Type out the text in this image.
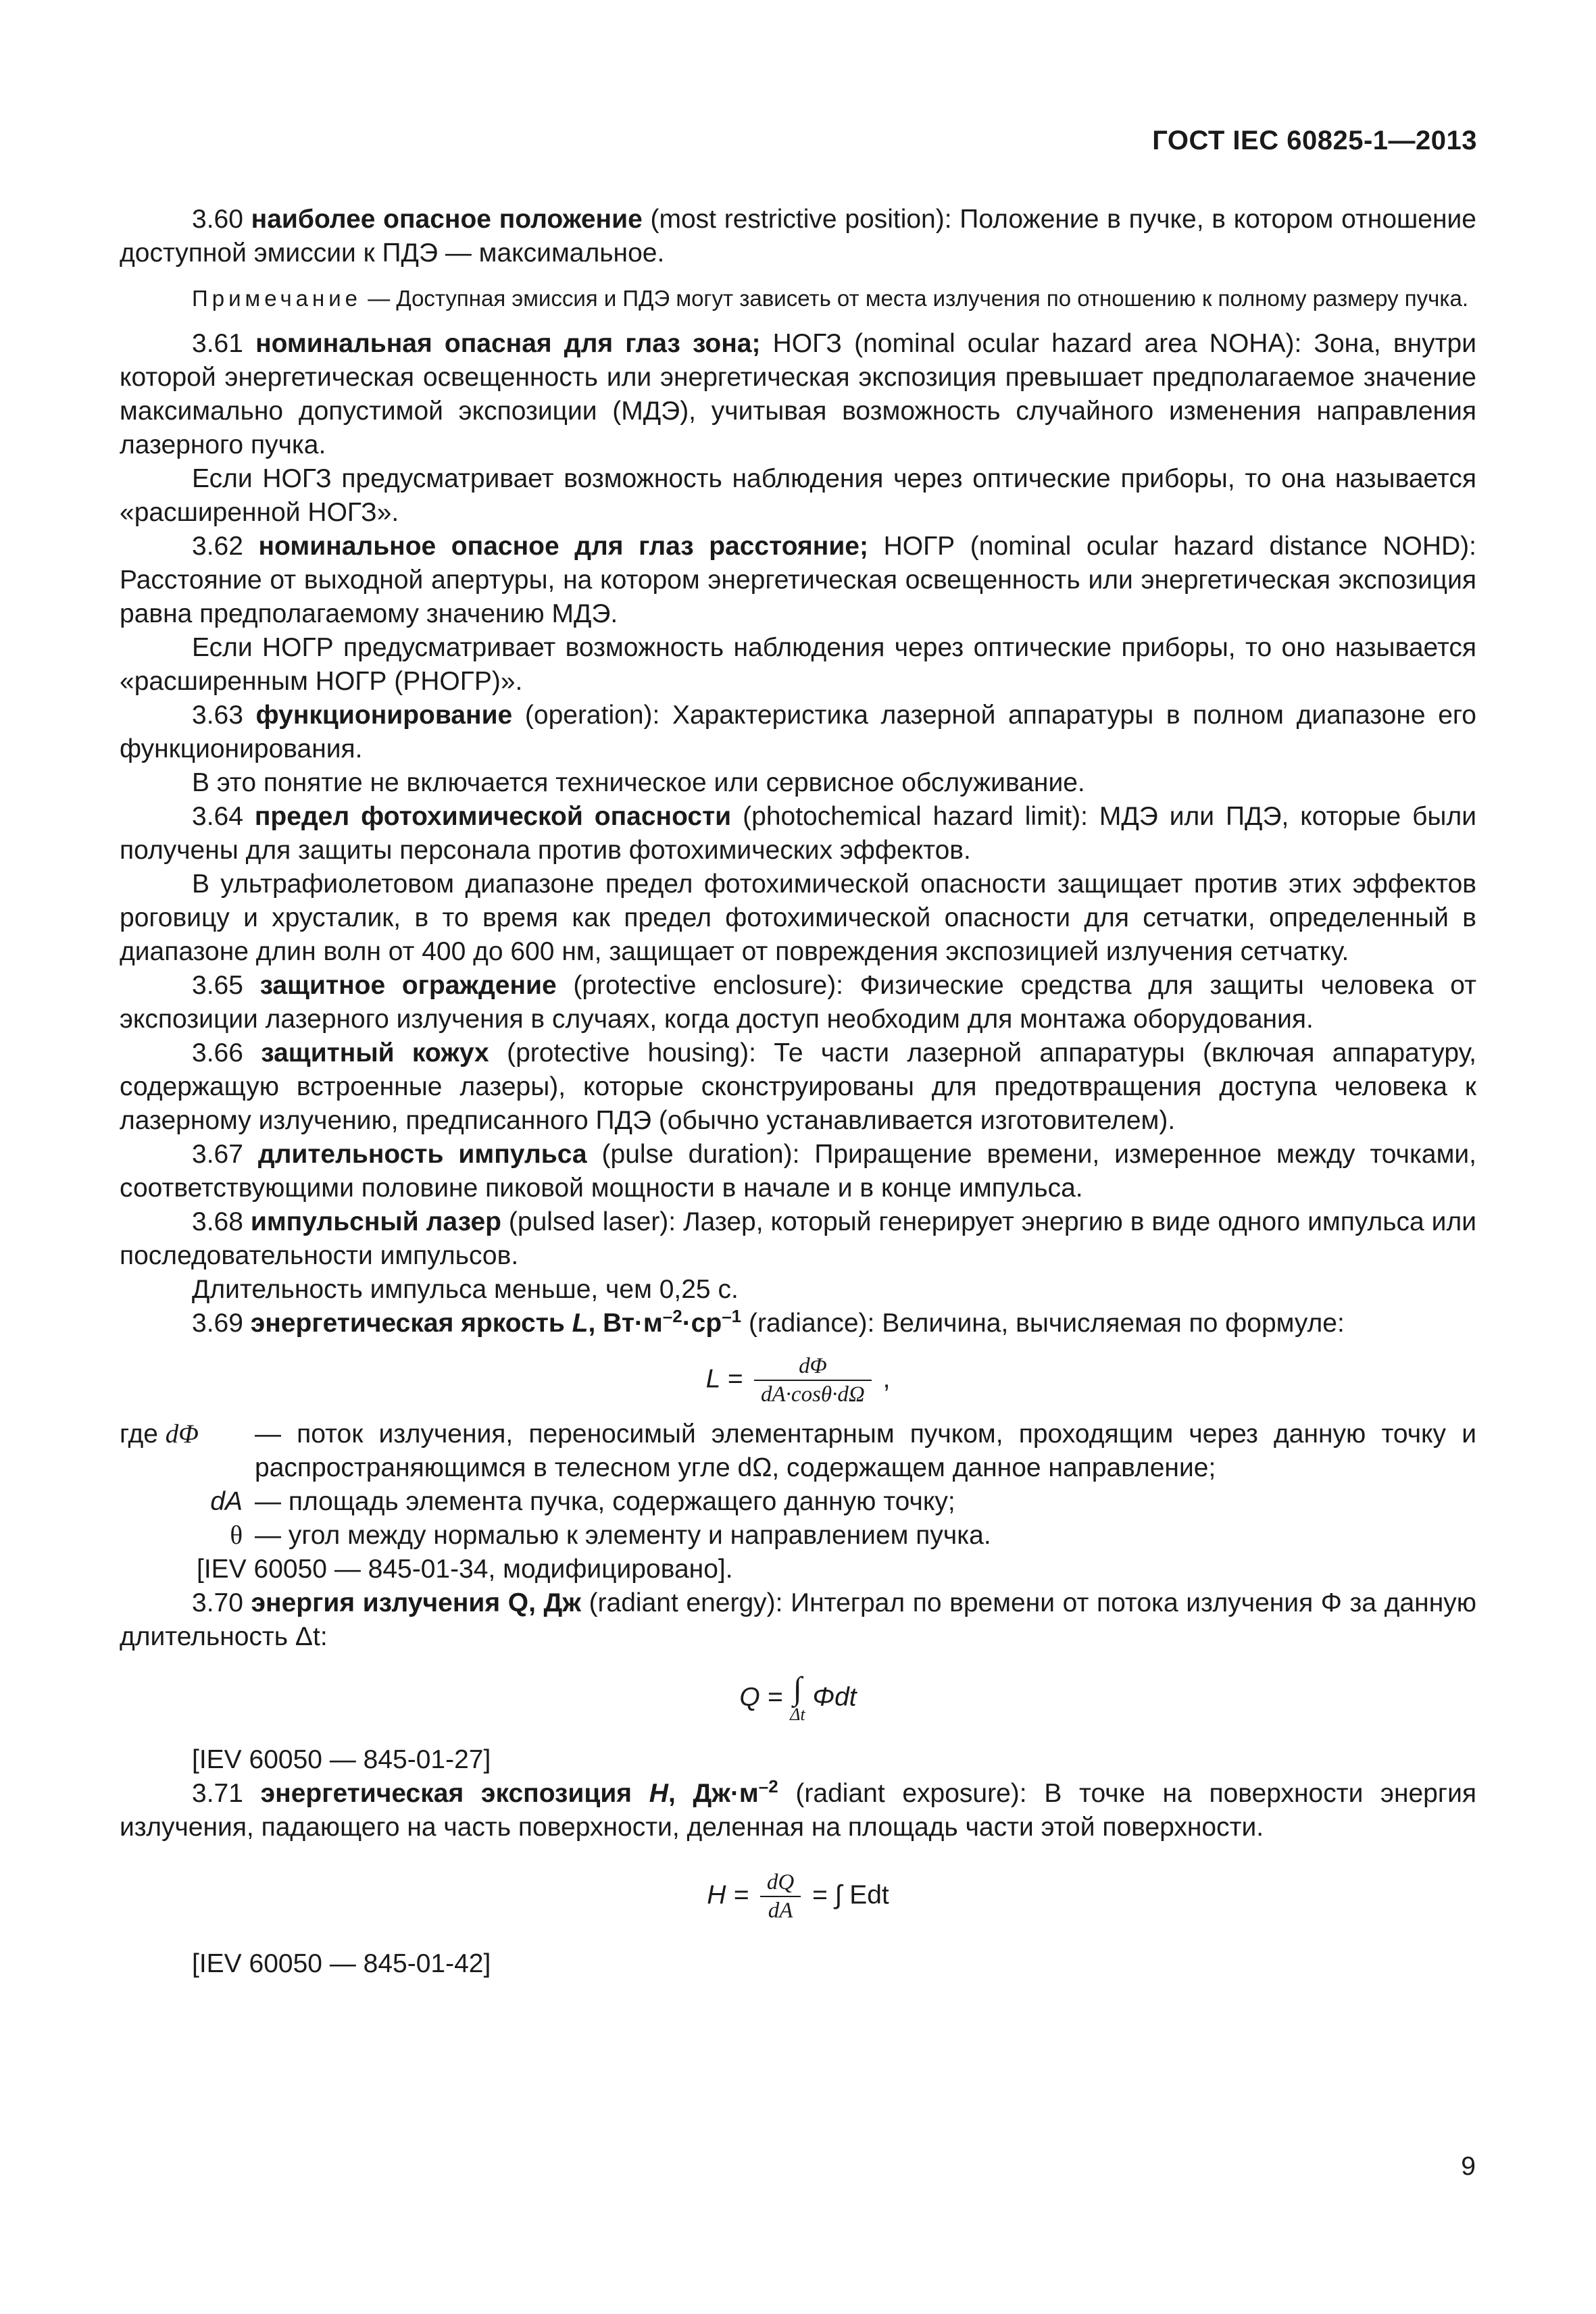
ГОСТ IEC 60825-1—2013

3.60 наиболее опасное положение (most restrictive position): Положение в пучке, в котором отношение доступной эмиссии к ПДЭ — максимальное.

Примечание — Доступная эмиссия и ПДЭ могут зависеть от места излучения по отношению к полному размеру пучка.

3.61 номинальная опасная для глаз зона; НОГЗ (nominal ocular hazard area NOHA): Зона, внутри которой энергетическая освещенность или энергетическая экспозиция превышает предполагаемое значение максимально допустимой экспозиции (МДЭ), учитывая возможность случайного изменения направления лазерного пучка.

Если НОГЗ предусматривает возможность наблюдения через оптические приборы, то она называется «расширенной НОГЗ».

3.62 номинальное опасное для глаз расстояние; НОГР (nominal ocular hazard distance NOHD): Расстояние от выходной апертуры, на котором энергетическая освещенность или энергетическая экспозиция равна предполагаемому значению МДЭ.

Если НОГР предусматривает возможность наблюдения через оптические приборы, то оно называется «расширенным НОГР (РНОГР)».

3.63 функционирование (operation): Характеристика лазерной аппаратуры в полном диапазоне его функционирования.

В это понятие не включается техническое или сервисное обслуживание.

3.64 предел фотохимической опасности (photochemical hazard limit): МДЭ или ПДЭ, которые были получены для защиты персонала против фотохимических эффектов.

В ультрафиолетовом диапазоне предел фотохимической опасности защищает против этих эффектов роговицу и хрусталик, в то время как предел фотохимической опасности для сетчатки, определенный в диапазоне длин волн от 400 до 600 нм, защищает от повреждения экспозицией излучения сетчатку.

3.65 защитное ограждение (protective enclosure): Физические средства для защиты человека от экспозиции лазерного излучения в случаях, когда доступ необходим для монтажа оборудования.

3.66 защитный кожух (protective housing): Те части лазерной аппаратуры (включая аппаратуру, содержащую встроенные лазеры), которые сконструированы для предотвращения доступа человека к лазерному излучению, предписанного ПДЭ (обычно устанавливается изготовителем).

3.67 длительность импульса (pulse duration): Приращение времени, измеренное между точками, соответствующими половине пиковой мощности в начале и в конце импульса.

3.68 импульсный лазер (pulsed laser): Лазер, который генерирует энергию в виде одного импульса или последовательности импульсов.

Длительность импульса меньше, чем 0,25 с.

3.69 энергетическая яркость L, $Вт\cdot м^{-2}\cdot ср^{-1}$ (radiance): Величина, вычисляемая по формуле:

$L = \frac{d\Phi}{dA\cdot\cos\theta\cdot d\Omega}$ ,
где dΦ	— поток излучения, переносимый элементарным пучком, проходящим через данную точку и распространяющимся в телесном угле dΩ, содержащем данное направление;
dA — площадь элемента пучка, содержащего данную точку;
θ — угол между нормалью к элементу и направлением пучка.

[IEV 60050 — 845-01-34, модифицировано].

3.70 энергия излучения Q, Дж (radiant energy): Интеграл по времени от потока излучения Φ за данную длительность Δt:

Q = ∫
Δt
Φdt

[IEV 60050 — 845-01-27]

3.71 энергетическая экспозиция H, $Дж\cdot м^{-2}$ (radiant exposure): В точке на поверхности энергия излучения, падающего на часть поверхности, деленная на площадь части этой поверхности.

$H = \frac{dQ}{dA}$ = ∫ Edt

[IEV 60050 — 845-01-42]

9
